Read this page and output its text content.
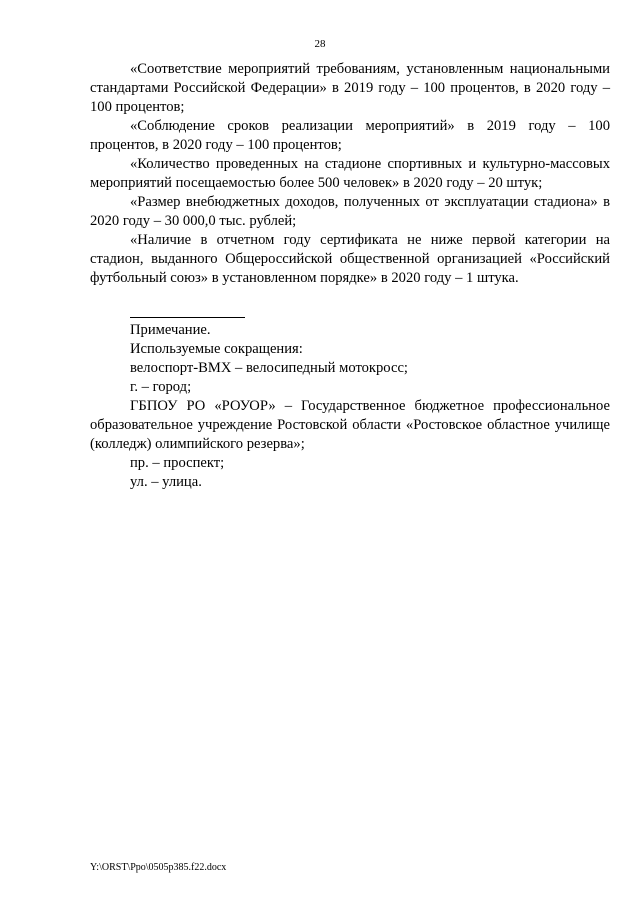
28

«Соответствие мероприятий требованиям, установленным национальными стандартами Российской Федерации» в 2019 году – 100 процентов, в 2020 году – 100 процентов;

«Соблюдение сроков реализации мероприятий» в 2019 году – 100 процентов, в 2020 году – 100 процентов;

«Количество проведенных на стадионе спортивных и культурно-массовых мероприятий посещаемостью более 500 человек» в 2020 году – 20 штук;

«Размер внебюджетных доходов, полученных от эксплуатации стадиона» в 2020 году – 30 000,0 тыс. рублей;

«Наличие в отчетном году сертификата не ниже первой категории на стадион, выданного Общероссийской общественной организацией «Российский футбольный союз» в установленном порядке» в 2020 году – 1 штука.

Примечание.

Используемые сокращения:

велоспорт-BMX – велосипедный мотокросс;

г. – город;

ГБПОУ РО «РОУОР» – Государственное бюджетное профессиональное образовательное учреждение Ростовской области «Ростовское областное училище (колледж) олимпийского резерва»;

пр. – проспект;

ул. – улица.

Y:\ORST\Ppo\0505p385.f22.docx
